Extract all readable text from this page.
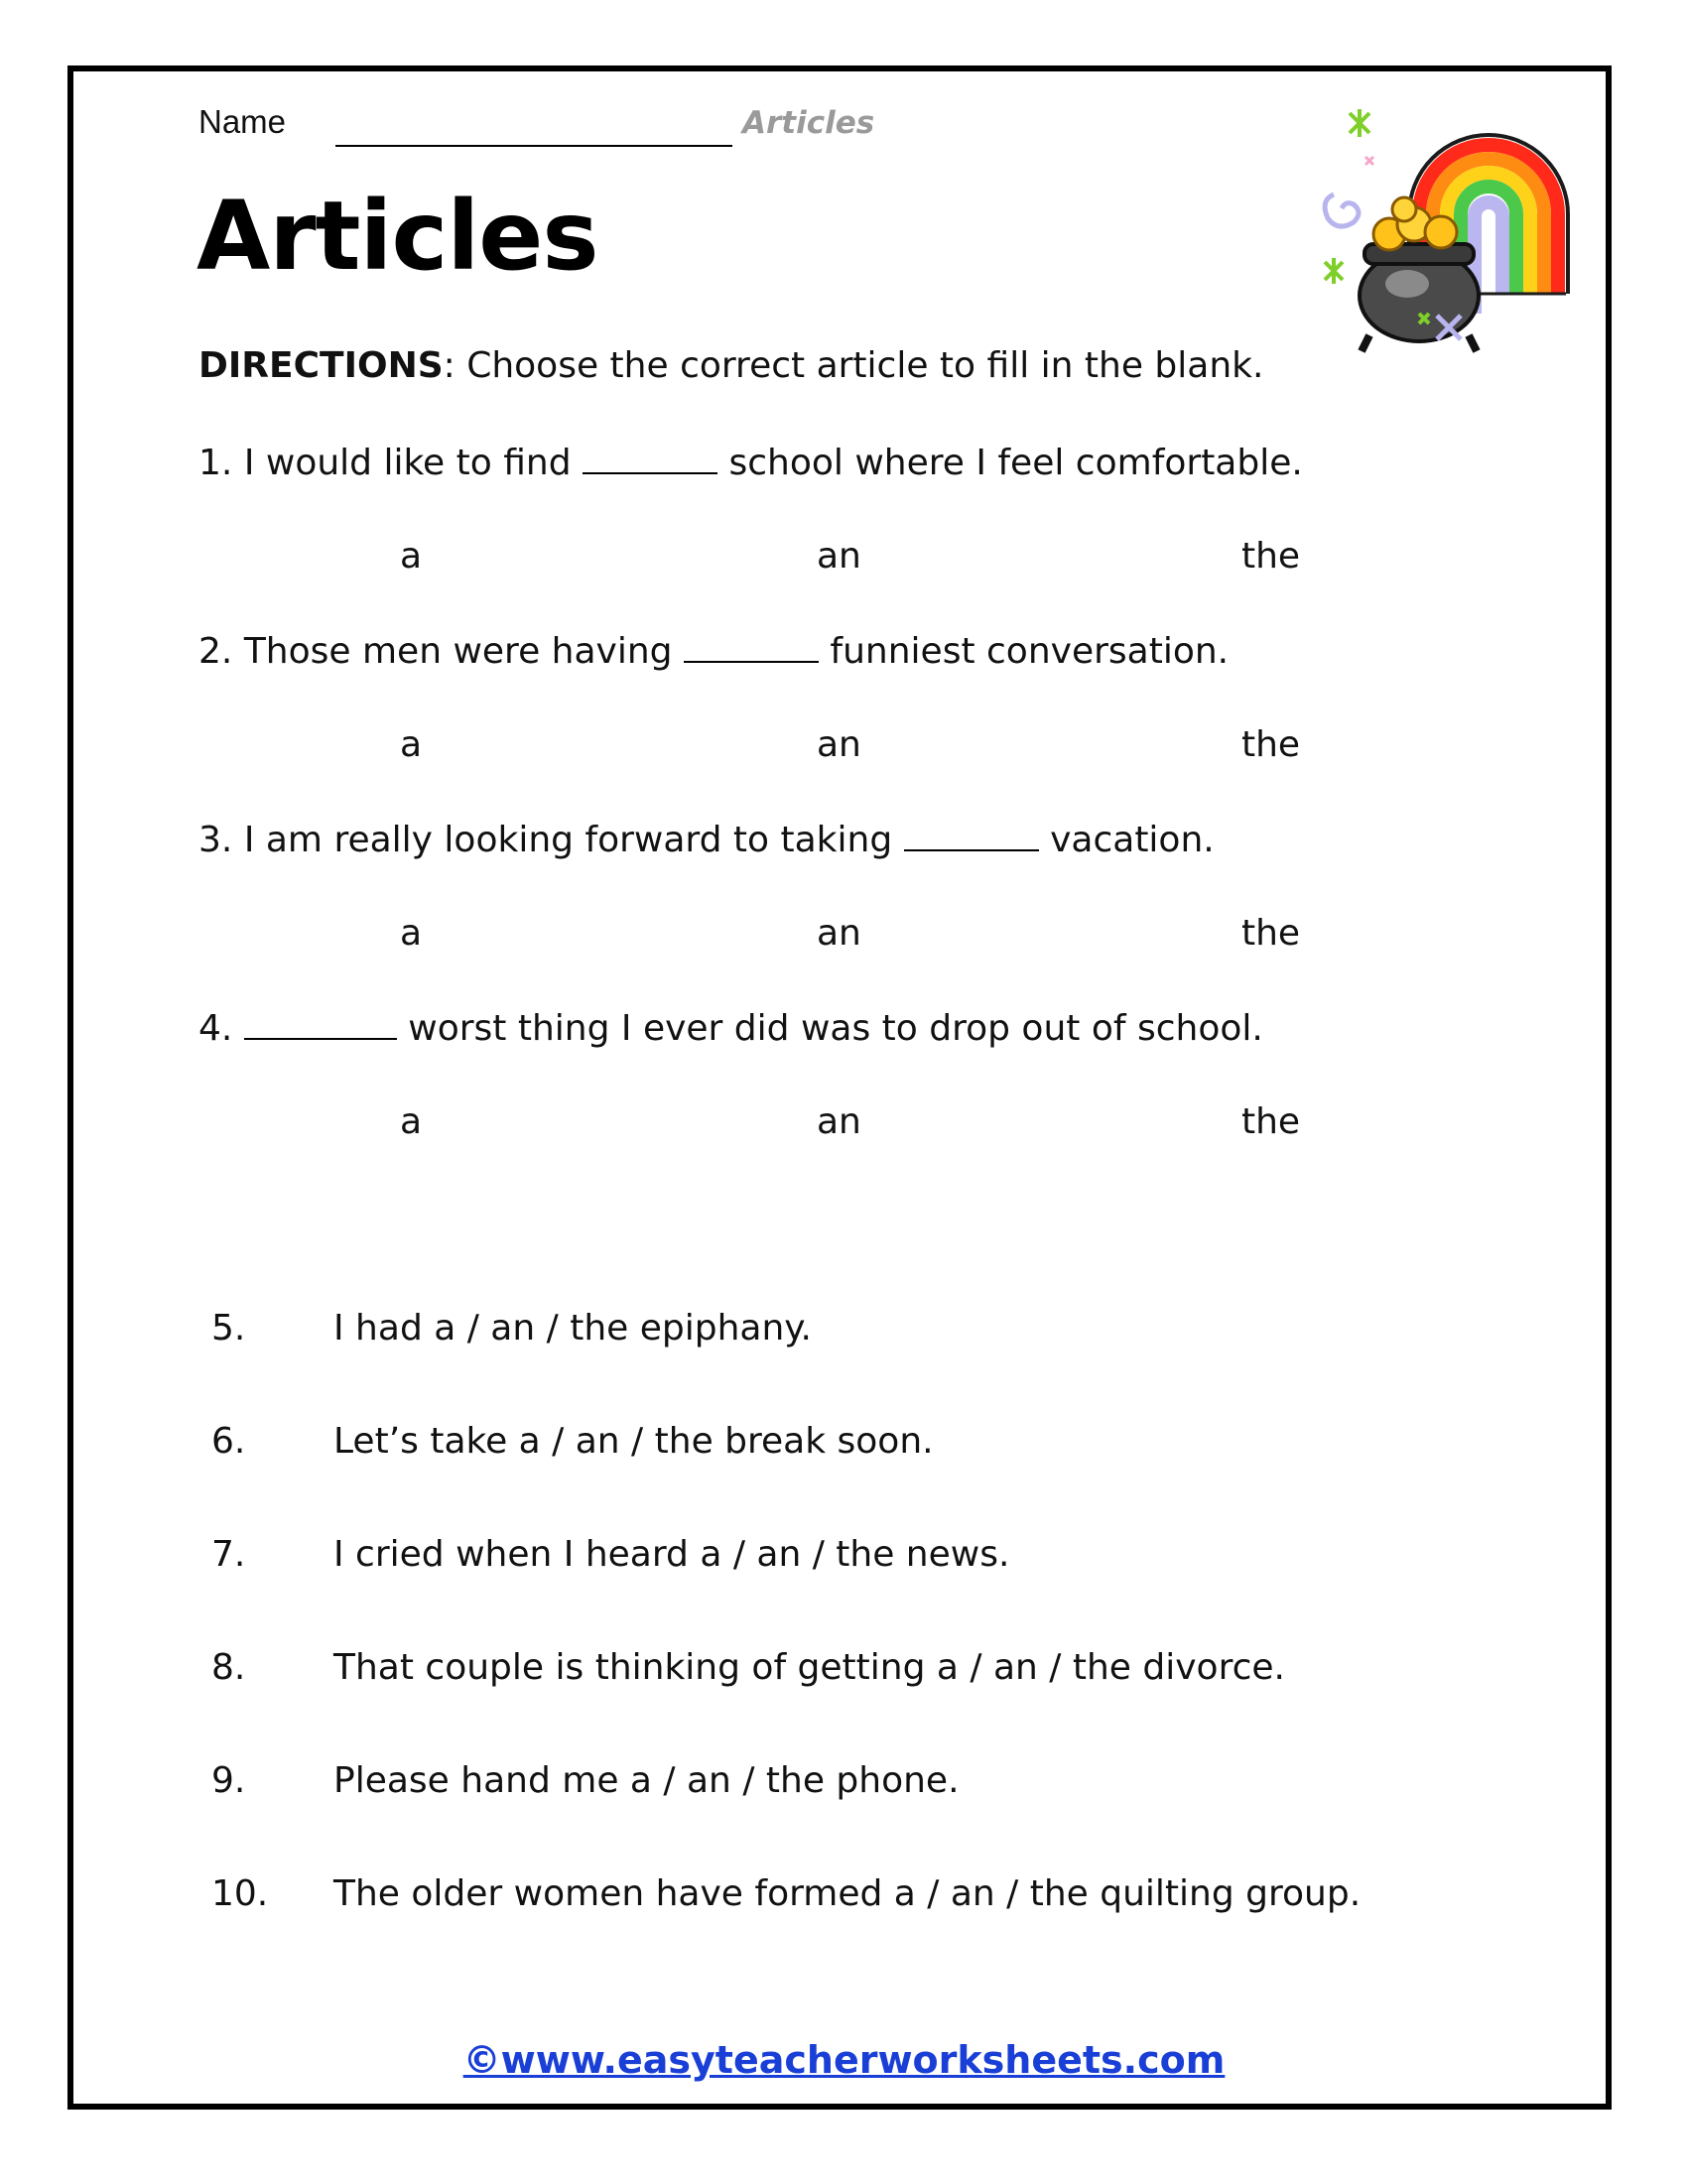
Name	Articles
Articles
DIRECTIONS: Choose the correct article to fill in the blank.
1. I would like to find	school where I feel comfortable.
a	an	the
2. Those men were having	funniest conversation.
a	an	the
3. I am really looking forward to taking	vacation.
a	an	the
4.	worst thing I ever did was to drop out of school.
a	an	the
5. I had a / an / the epiphany.
6. Let’s take a / an / the break soon.
7. I cried when I heard a / an / the news.
8. That couple is thinking of getting a / an / the divorce.
9. Please hand me a / an / the phone.
10. The older women have formed a / an / the quilting group.
©www.easyteacherworksheets.com
